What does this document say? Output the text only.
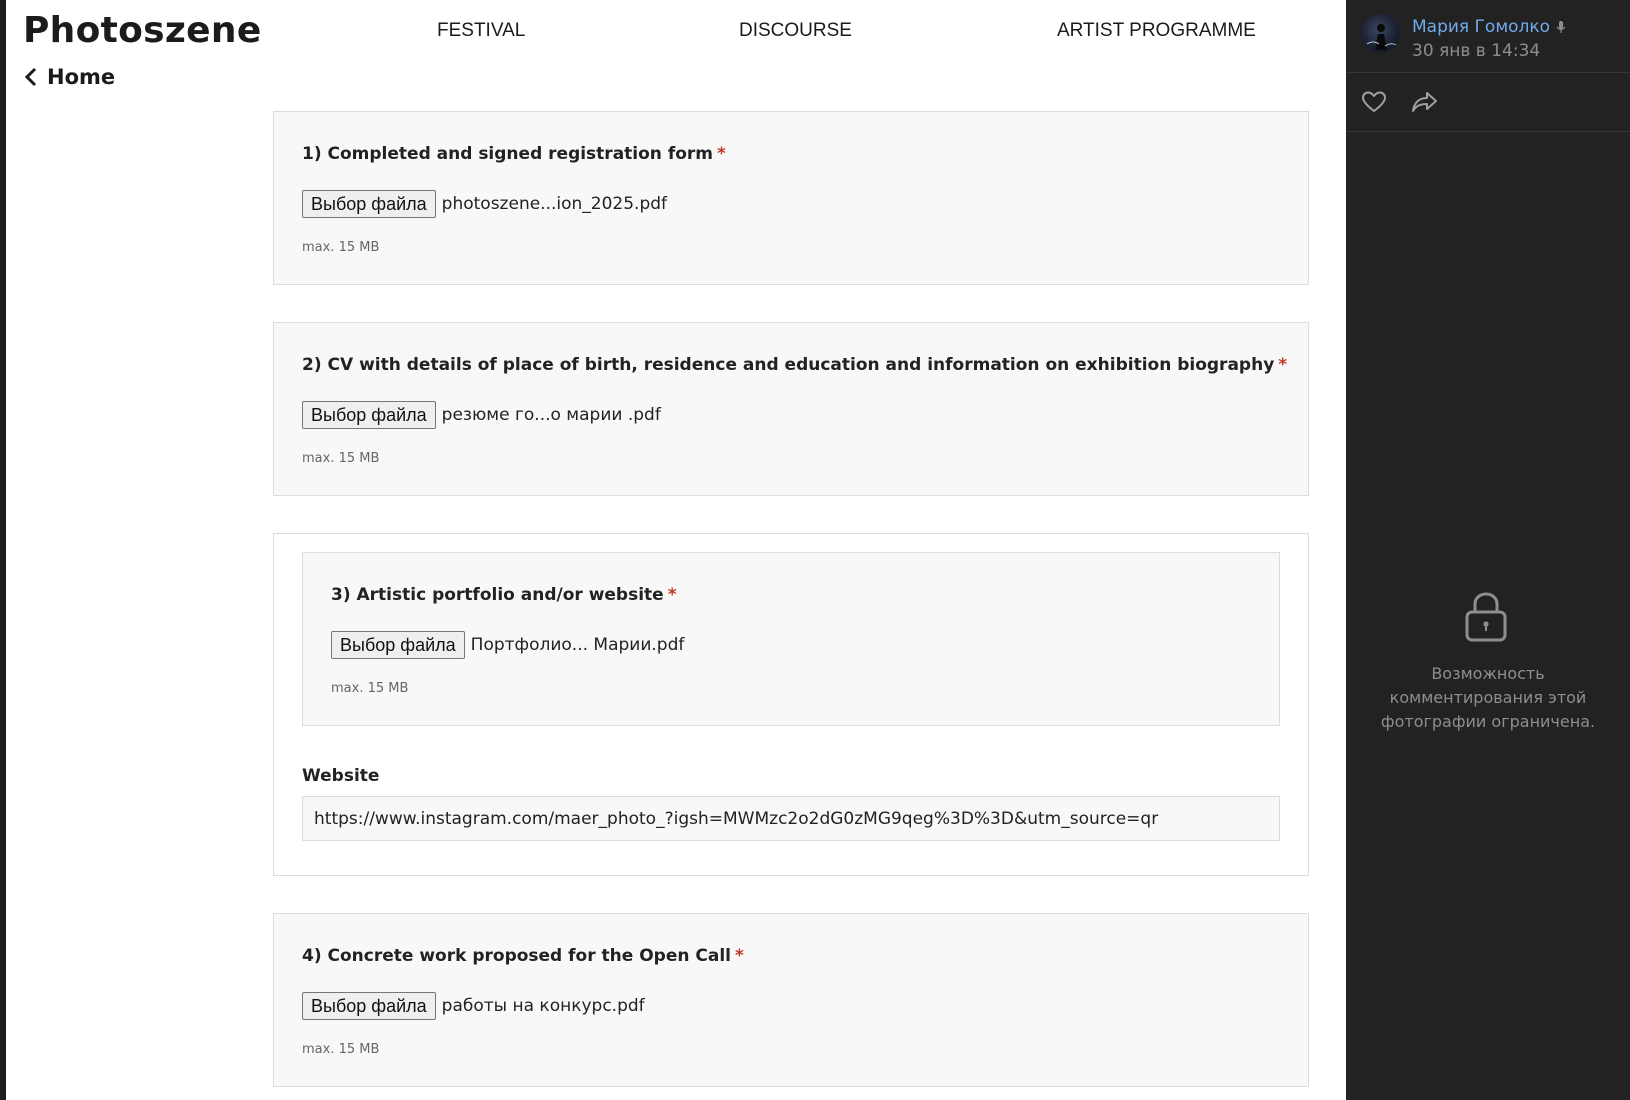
Photoszene	FESTIVAL	DISCOURSE	ARTIST PROGRAMME
Home
1) Completed and signed registration form *
Выбор файла photoszene...ion_2025.pdf
max. 15 MB
2) CV with details of place of birth, residence and education and information on exhibition biography *
Выбор файла резюме го...о марии .pdf
max. 15 MB
3) Artistic portfolio and/or website *
Выбор файла Портфолио... Марии.pdf
max. 15 MB
Website
https://www.instagram.com/maer_photo_?igsh=MWMzc2o2dG0zMG9qeg%3D%3D&utm_source=qr
4) Concrete work proposed for the Open Call *
Выбор файла работы на конкурс.pdf
max. 15 MB
Мария Гомолко
30 янв в 14:34
Возможность комментирования этой фотографии ограничена.
